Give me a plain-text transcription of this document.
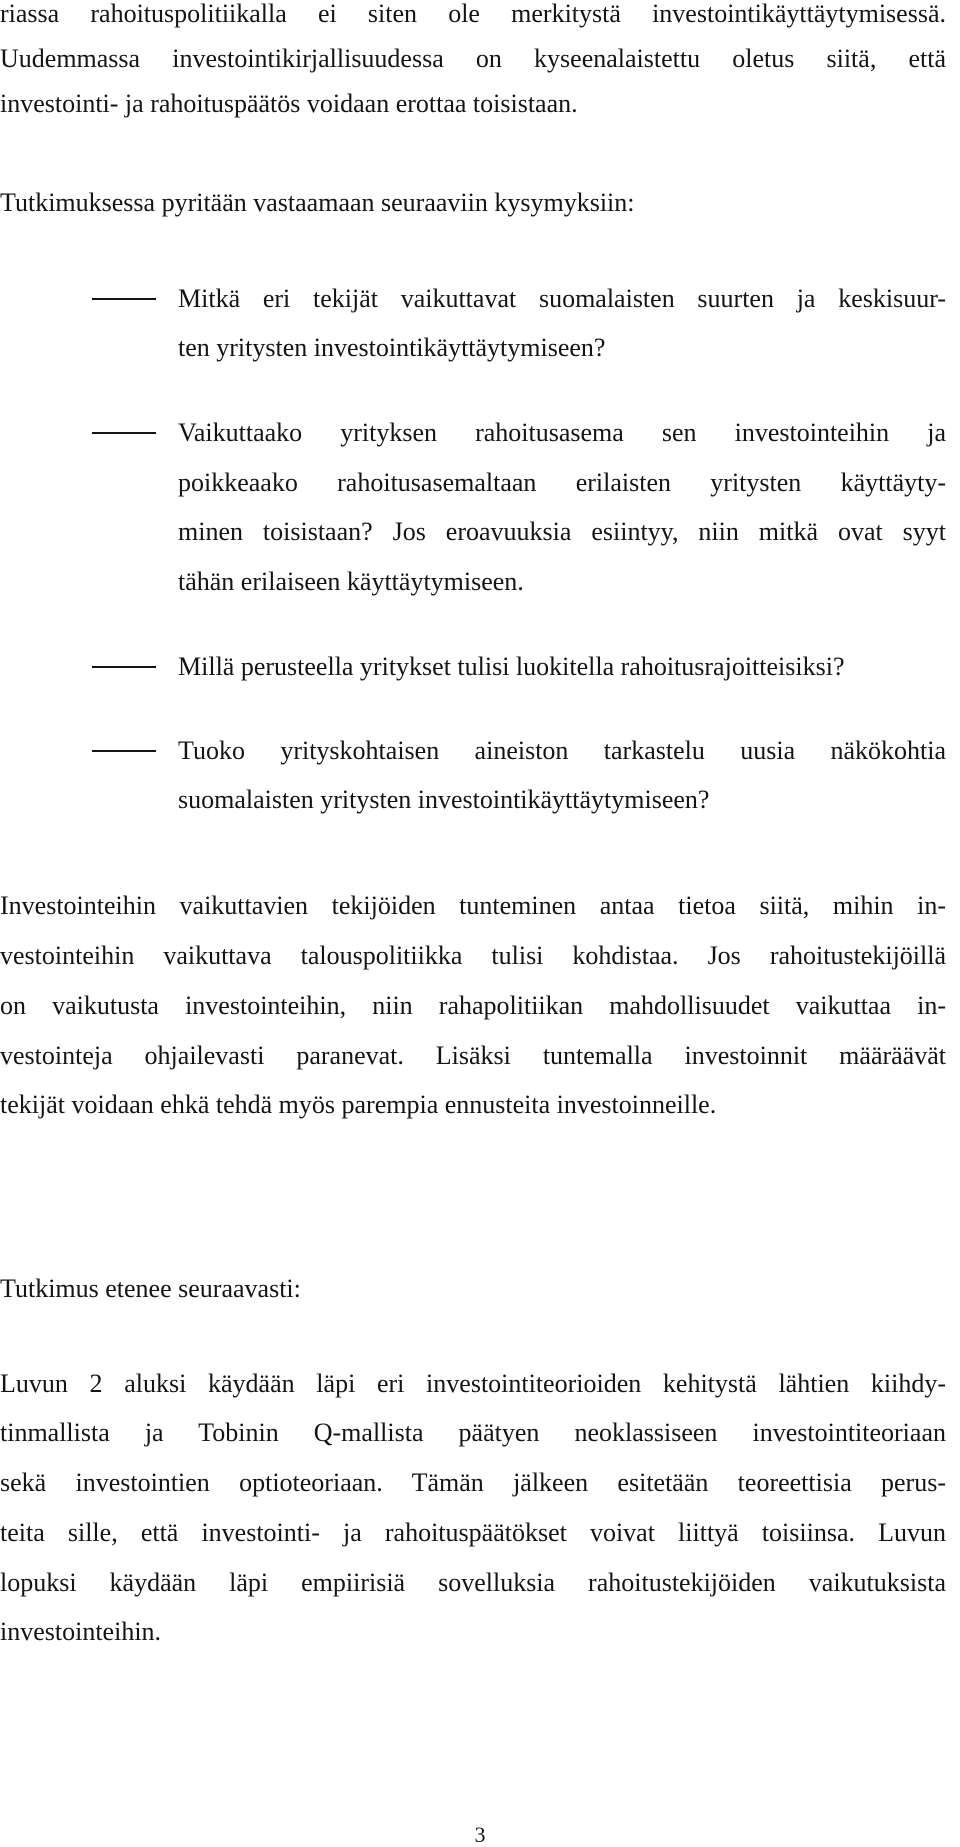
riassa rahoituspolitiikalla ei siten ole merkitystä investointikäyttäytymisessä.
Uudemmassa investointikirjallisuudessa on kyseenalaistettu oletus siitä, että
investointi- ja rahoituspäätös voidaan erottaa toisistaan.
Tutkimuksessa pyritään vastaamaan seuraaviin kysymyksiin:
Mitkä eri tekijät vaikuttavat suomalaisten suurten ja keskisuur-
ten yritysten investointikäyttäytymiseen?
Vaikuttaako yrityksen rahoitusasema sen investointeihin ja
poikkeaako rahoitusasemaltaan erilaisten yritysten käyttäyty-
minen toisistaan? Jos eroavuuksia esiintyy, niin mitkä ovat syyt
tähän erilaiseen käyttäytymiseen.
Millä perusteella yritykset tulisi luokitella rahoitusrajoitteisiksi?
Tuoko yrityskohtaisen aineiston tarkastelu uusia näkökohtia
suomalaisten yritysten investointikäyttäytymiseen?
Investointeihin vaikuttavien tekijöiden tunteminen antaa tietoa siitä, mihin in-
vestointeihin vaikuttava talouspolitiikka tulisi kohdistaa. Jos rahoitustekijöillä
on vaikutusta investointeihin, niin rahapolitiikan mahdollisuudet vaikuttaa in-
vestointeja ohjailevasti paranevat. Lisäksi tuntemalla investoinnit määräävät
tekijät voidaan ehkä tehdä myös parempia ennusteita investoinneille.
Tutkimus etenee seuraavasti:
Luvun 2 aluksi käydään läpi eri investointiteorioiden kehitystä lähtien kiihdy-
tinmallista ja Tobinin Q-mallista päätyen neoklassiseen investointiteoriaan
sekä investointien optioteoriaan. Tämän jälkeen esitetään teoreettisia perus-
teita sille, että investointi- ja rahoituspäätökset voivat liittyä toisiinsa. Luvun
lopuksi käydään läpi empiirisiä sovelluksia rahoitustekijöiden vaikutuksista
investointeihin.
3
